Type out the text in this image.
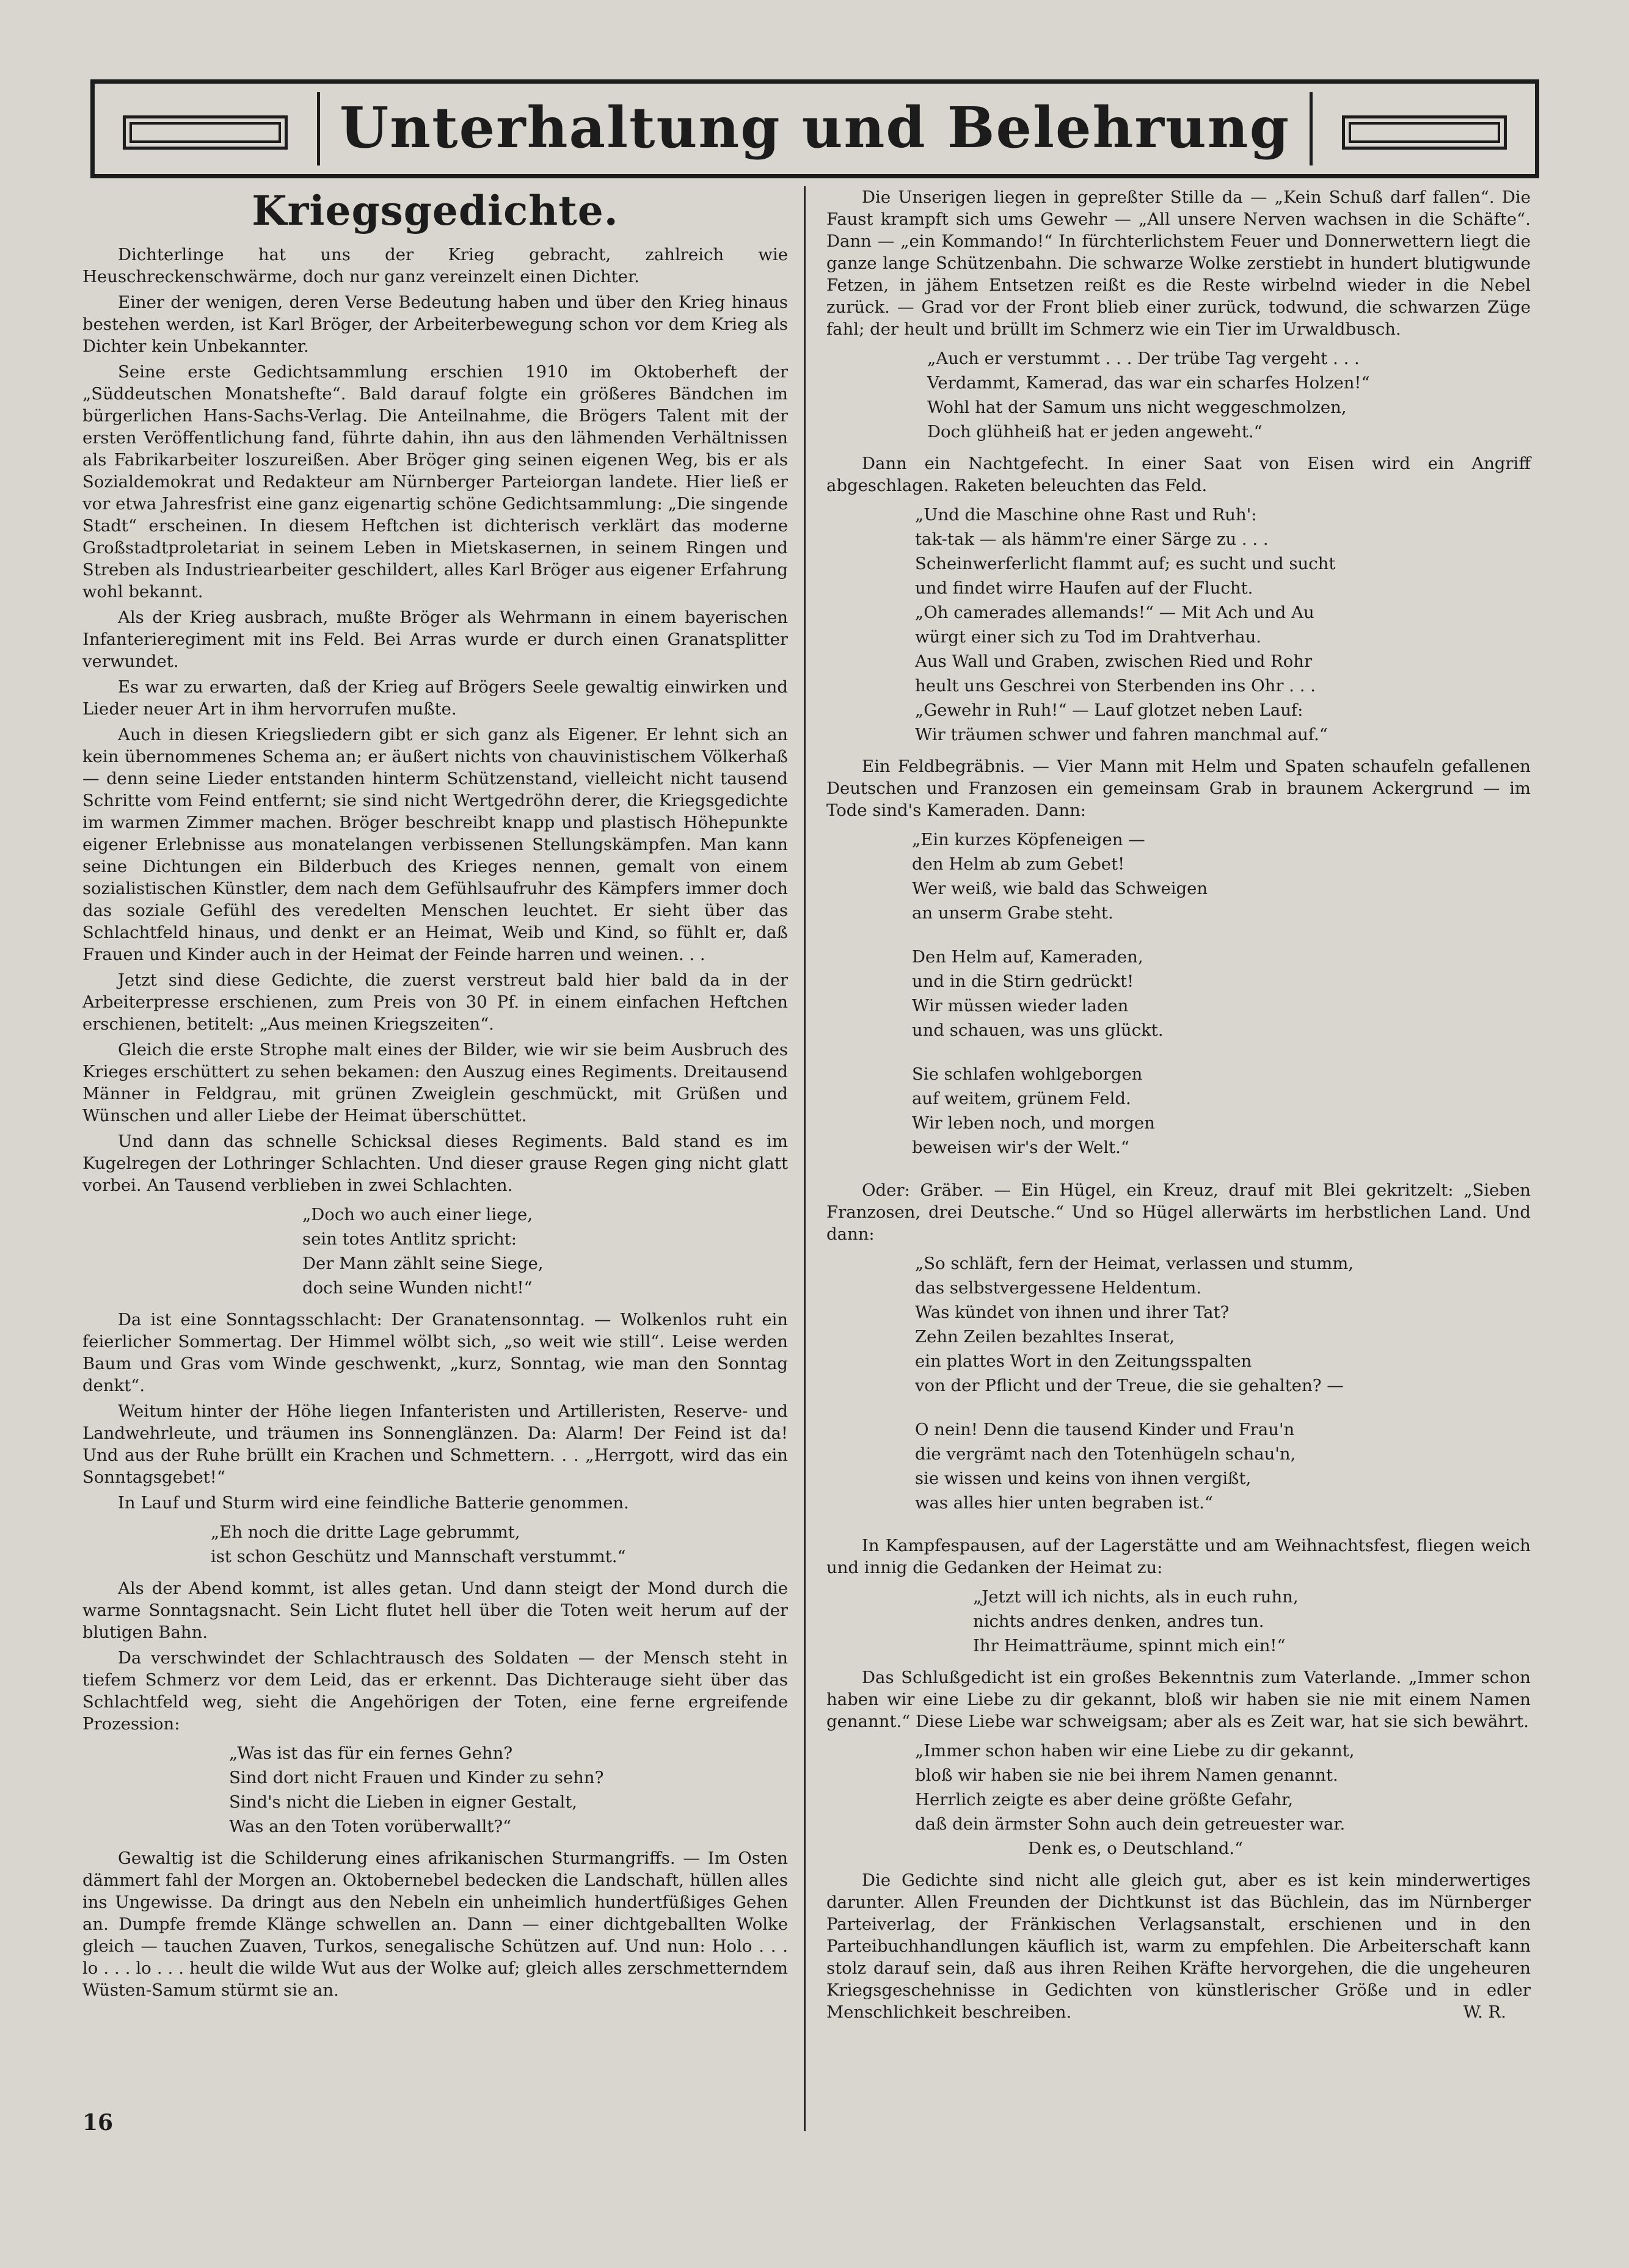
Unterhaltung und Belehrung
Kriegsgedichte.

Dichterlinge hat uns der Krieg gebracht, zahlreich wie Heuschreckenschwärme, doch nur ganz vereinzelt einen Dichter.

Einer der wenigen, deren Verse Bedeutung haben und über den Krieg hinaus bestehen werden, ist Karl Bröger, der Arbeiterbewegung schon vor dem Krieg als Dichter kein Unbekannter.

Seine erste Gedichtsammlung erschien 1910 im Oktoberheft der „Süddeutschen Monatshefte“. Bald darauf folgte ein größeres Bändchen im bürgerlichen Hans-Sachs-Verlag. Die Anteilnahme, die Brögers Talent mit der ersten Veröffentlichung fand, führte dahin, ihn aus den lähmenden Verhältnissen als Fabrikarbeiter loszureißen. Aber Bröger ging seinen eigenen Weg, bis er als Sozialdemokrat und Redakteur am Nürnberger Parteiorgan landete. Hier ließ er vor etwa Jahresfrist eine ganz eigenartig schöne Gedichtsammlung: „Die singende Stadt“ erscheinen. In diesem Heftchen ist dichterisch verklärt das moderne Großstadtproletariat in seinem Leben in Mietskasernen, in seinem Ringen und Streben als Industriearbeiter geschildert, alles Karl Bröger aus eigener Erfahrung wohl bekannt.

Als der Krieg ausbrach, mußte Bröger als Wehrmann in einem bayerischen Infanterieregiment mit ins Feld. Bei Arras wurde er durch einen Granatsplitter verwundet.

Es war zu erwarten, daß der Krieg auf Brögers Seele gewaltig einwirken und Lieder neuer Art in ihm hervorrufen mußte.

Auch in diesen Kriegsliedern gibt er sich ganz als Eigener. Er lehnt sich an kein übernommenes Schema an; er äußert nichts von chauvinistischem Völkerhaß — denn seine Lieder entstanden hinterm Schützenstand, vielleicht nicht tausend Schritte vom Feind entfernt; sie sind nicht Wertgedröhn derer, die Kriegsgedichte im warmen Zimmer machen. Bröger beschreibt knapp und plastisch Höhepunkte eigener Erlebnisse aus monatelangen verbissenen Stellungskämpfen. Man kann seine Dichtungen ein Bilderbuch des Krieges nennen, gemalt von einem sozialistischen Künstler, dem nach dem Gefühlsaufruhr des Kämpfers immer doch das soziale Gefühl des veredelten Menschen leuchtet. Er sieht über das Schlachtfeld hinaus, und denkt er an Heimat, Weib und Kind, so fühlt er, daß Frauen und Kinder auch in der Heimat der Feinde harren und weinen. . .

Jetzt sind diese Gedichte, die zuerst verstreut bald hier bald da in der Arbeiterpresse erschienen, zum Preis von 30 Pf. in einem einfachen Heftchen erschienen, betitelt: „Aus meinen Kriegszeiten“.

Gleich die erste Strophe malt eines der Bilder, wie wir sie beim Ausbruch des Krieges erschüttert zu sehen bekamen: den Auszug eines Regiments. Dreitausend Männer in Feldgrau, mit grünen Zweiglein geschmückt, mit Grüßen und Wünschen und aller Liebe der Heimat überschüttet.

Und dann das schnelle Schicksal dieses Regiments. Bald stand es im Kugelregen der Lothringer Schlachten. Und dieser grause Regen ging nicht glatt vorbei. An Tausend verblieben in zwei Schlachten.

„Doch wo auch einer liege,
sein totes Antlitz spricht:
Der Mann zählt seine Siege,
doch seine Wunden nicht!“

Da ist eine Sonntagsschlacht: Der Granatensonntag. — Wolkenlos ruht ein feierlicher Sommertag. Der Himmel wölbt sich, „so weit wie still“. Leise werden Baum und Gras vom Winde geschwenkt, „kurz, Sonntag, wie man den Sonntag denkt“.

Weitum hinter der Höhe liegen Infanteristen und Artilleristen, Reserve- und Landwehrleute, und träumen ins Sonnenglänzen. Da: Alarm! Der Feind ist da! Und aus der Ruhe brüllt ein Krachen und Schmettern. . . „Herrgott, wird das ein Sonntagsgebet!“

In Lauf und Sturm wird eine feindliche Batterie genommen.

„Eh noch die dritte Lage gebrummt,
ist schon Geschütz und Mannschaft verstummt.“

Als der Abend kommt, ist alles getan. Und dann steigt der Mond durch die warme Sonntagsnacht. Sein Licht flutet hell über die Toten weit herum auf der blutigen Bahn.

Da verschwindet der Schlachtrausch des Soldaten — der Mensch steht in tiefem Schmerz vor dem Leid, das er erkennt. Das Dichterauge sieht über das Schlachtfeld weg, sieht die Angehörigen der Toten, eine ferne ergreifende Prozession:

„Was ist das für ein fernes Gehn?
Sind dort nicht Frauen und Kinder zu sehn?
Sind's nicht die Lieben in eigner Gestalt,
Was an den Toten vorüberwallt?“

Gewaltig ist die Schilderung eines afrikanischen Sturmangriffs. — Im Osten dämmert fahl der Morgen an. Oktobernebel bedecken die Landschaft, hüllen alles ins Ungewisse. Da dringt aus den Nebeln ein unheimlich hundertfüßiges Gehen an. Dumpfe fremde Klänge schwellen an. Dann — einer dichtgeballten Wolke gleich — tauchen Zuaven, Turkos, senegalische Schützen auf. Und nun: Holo . . . lo . . . lo . . . heult die wilde Wut aus der Wolke auf; gleich alles zerschmetterndem Wüsten-Samum stürmt sie an.

Die Unserigen liegen in gepreßter Stille da — „Kein Schuß darf fallen“. Die Faust krampft sich ums Gewehr — „All unsere Nerven wachsen in die Schäfte“. Dann — „ein Kommando!“ In fürchterlichstem Feuer und Donnerwettern liegt die ganze lange Schützenbahn. Die schwarze Wolke zerstiebt in hundert blutigwunde Fetzen, in jähem Entsetzen reißt es die Reste wirbelnd wieder in die Nebel zurück. — Grad vor der Front blieb einer zurück, todwund, die schwarzen Züge fahl; der heult und brüllt im Schmerz wie ein Tier im Urwaldbusch.

„Auch er verstummt . . . Der trübe Tag vergeht . . .
Verdammt, Kamerad, das war ein scharfes Holzen!“
Wohl hat der Samum uns nicht weggeschmolzen,
Doch glühheiß hat er jeden angeweht.“

Dann ein Nachtgefecht. In einer Saat von Eisen wird ein Angriff abgeschlagen. Raketen beleuchten das Feld.

„Und die Maschine ohne Rast und Ruh':
tak-tak — als hämm're einer Särge zu . . .
Scheinwerferlicht flammt auf; es sucht und sucht
und findet wirre Haufen auf der Flucht.
„Oh camerades allemands!“ — Mit Ach und Au
würgt einer sich zu Tod im Drahtverhau.
Aus Wall und Graben, zwischen Ried und Rohr
heult uns Geschrei von Sterbenden ins Ohr . . .
„Gewehr in Ruh!“ — Lauf glotzet neben Lauf:
Wir träumen schwer und fahren manchmal auf.“

Ein Feldbegräbnis. — Vier Mann mit Helm und Spaten schaufeln gefallenen Deutschen und Franzosen ein gemeinsam Grab in braunem Ackergrund — im Tode sind's Kameraden. Dann:

„Ein kurzes Köpfeneigen —
den Helm ab zum Gebet!
Wer weiß, wie bald das Schweigen
an unserm Grabe steht.
Den Helm auf, Kameraden,
und in die Stirn gedrückt!
Wir müssen wieder laden
und schauen, was uns glückt.
Sie schlafen wohlgeborgen
auf weitem, grünem Feld.
Wir leben noch, und morgen
beweisen wir's der Welt.“

Oder: Gräber. — Ein Hügel, ein Kreuz, drauf mit Blei gekritzelt: „Sieben Franzosen, drei Deutsche.“ Und so Hügel allerwärts im herbstlichen Land. Und dann:

„So schläft, fern der Heimat, verlassen und stumm,
das selbstvergessene Heldentum.
Was kündet von ihnen und ihrer Tat?
Zehn Zeilen bezahltes Inserat,
ein plattes Wort in den Zeitungsspalten
von der Pflicht und der Treue, die sie gehalten? —
O nein! Denn die tausend Kinder und Frau'n
die vergrämt nach den Totenhügeln schau'n,
sie wissen und keins von ihnen vergißt,
was alles hier unten begraben ist.“

In Kampfespausen, auf der Lagerstätte und am Weihnachtsfest, fliegen weich und innig die Gedanken der Heimat zu:

„Jetzt will ich nichts, als in euch ruhn,
nichts andres denken, andres tun.
Ihr Heimatträume, spinnt mich ein!“

Das Schlußgedicht ist ein großes Bekenntnis zum Vaterlande. „Immer schon haben wir eine Liebe zu dir gekannt, bloß wir haben sie nie mit einem Namen genannt.“ Diese Liebe war schweigsam; aber als es Zeit war, hat sie sich bewährt.

„Immer schon haben wir eine Liebe zu dir gekannt,
bloß wir haben sie nie bei ihrem Namen genannt.
Herrlich zeigte es aber deine größte Gefahr,
daß dein ärmster Sohn auch dein getreuester war.
Denk es, o Deutschland.“

Die Gedichte sind nicht alle gleich gut, aber es ist kein minderwertiges darunter. Allen Freunden der Dichtkunst ist das Büchlein, das im Nürnberger Parteiverlag, der Fränkischen Verlagsanstalt, erschienen und in den Parteibuchhandlungen käuflich ist, warm zu empfehlen. Die Arbeiterschaft kann stolz darauf sein, daß aus ihren Reihen Kräfte hervorgehen, die die ungeheuren Kriegsgeschehnisse in Gedichten von künstlerischer Größe und in edler Menschlichkeit beschreiben.	W. R.

16
